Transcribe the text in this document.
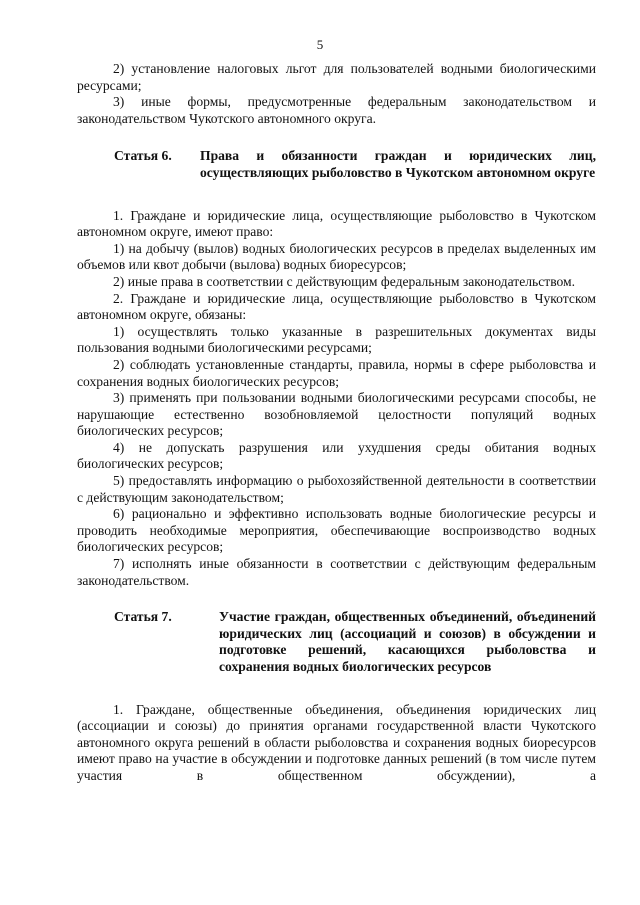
5

2) установление налоговых льгот для пользователей водными биологическими ресурсами;

3) иные формы, предусмотренные федеральным законодательством и законодательством Чукотского автономного округа.

Статья 6.	Права и обязанности граждан и юридических лиц, осуществляющих рыболовство в Чукотском автономном округе

1. Граждане и юридические лица, осуществляющие рыболовство в Чукотском автономном округе, имеют право:

1) на добычу (вылов) водных биологических ресурсов в пределах выделенных им объемов или квот добычи (вылова) водных биоресурсов;

2) иные права в соответствии с действующим федеральным законодательством.

2. Граждане и юридические лица, осуществляющие рыболовство в Чукотском автономном округе, обязаны:

1) осуществлять только указанные в разрешительных документах виды пользования водными биологическими ресурсами;

2) соблюдать установленные стандарты, правила, нормы в сфере рыболовства и сохранения водных биологических ресурсов;

3) применять при пользовании водными биологическими ресурсами способы, не нарушающие естественно возобновляемой целостности популяций водных биологических ресурсов;

4) не допускать разрушения или ухудшения среды обитания водных биологических ресурсов;

5) предоставлять информацию о рыбохозяйственной деятельности в соответствии с действующим законодательством;

6) рационально и эффективно использовать водные биологические ресурсы и проводить необходимые мероприятия, обеспечивающие воспроизводство водных биологических ресурсов;

7) исполнять иные обязанности в соответствии с действующим федеральным законодательством.

Статья 7.	Участие граждан, общественных объединений, объединений юридических лиц (ассоциаций и союзов) в обсуждении и подготовке решений, касающихся рыболовства и сохранения водных биологических ресурсов

1. Граждане, общественные объединения, объединения юридических лиц (ассоциации и союзы) до принятия органами государственной власти Чукотского автономного округа решений в области рыболовства и сохранения водных биоресурсов имеют право на участие в обсуждении и подготовке данных решений (в том числе путем участия в общественном обсуждении), а
